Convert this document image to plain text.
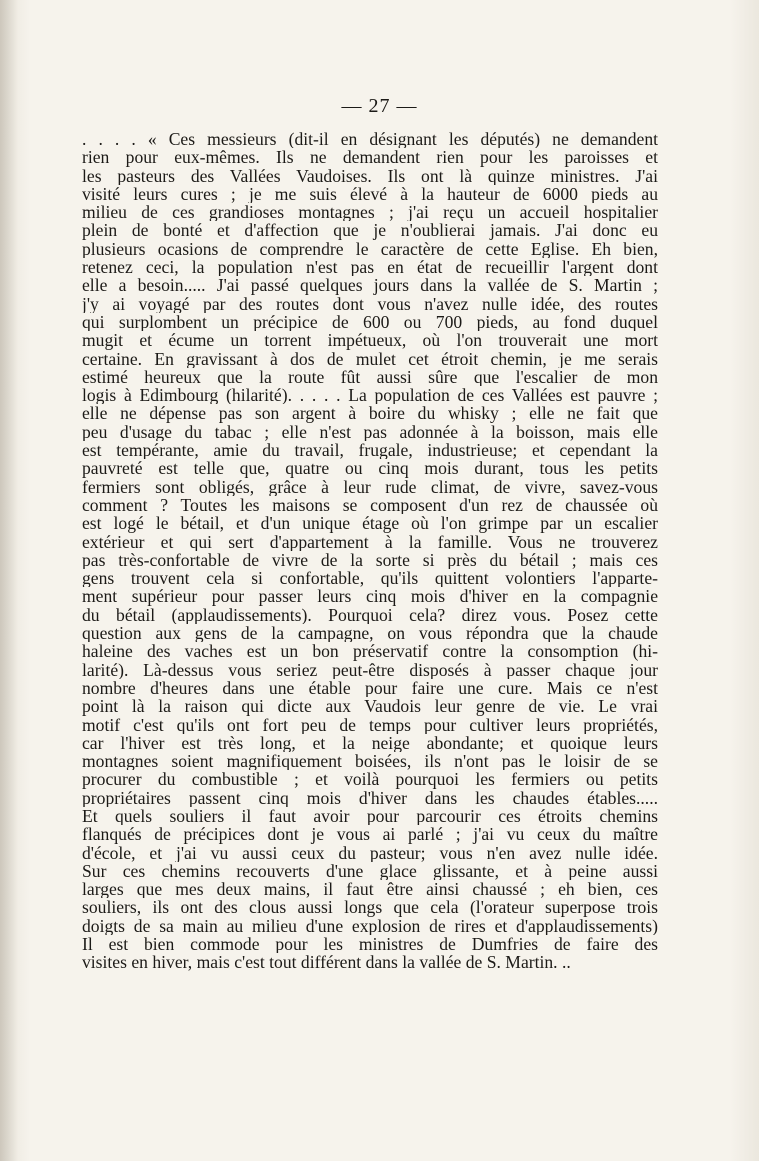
— 27 —
. . . . « Ces messieurs (dit-il en désignant les députés) ne demandent
rien pour eux-mêmes. Ils ne demandent rien pour les paroisses et
les pasteurs des Vallées Vaudoises. Ils ont là quinze ministres. J'ai
visité leurs cures ; je me suis élevé à la hauteur de 6000 pieds au
milieu de ces grandioses montagnes ; j'ai reçu un accueil hospitalier
plein de bonté et d'affection que je n'oublierai jamais. J'ai donc eu
plusieurs ocasions de comprendre le caractère de cette Eglise. Eh bien,
retenez ceci, la population n'est pas en état de recueillir l'argent dont
elle a besoin..... J'ai passé quelques jours dans la vallée de S. Martin ;
j'y ai voyagé par des routes dont vous n'avez nulle idée, des routes
qui surplombent un précipice de 600 ou 700 pieds, au fond duquel
mugit et écume un torrent impétueux, où l'on trouverait une mort
certaine. En gravissant à dos de mulet cet étroit chemin, je me serais
estimé heureux que la route fût aussi sûre que l'escalier de mon
logis à Edimbourg (hilarité). . . . . La population de ces Vallées est pauvre ;
elle ne dépense pas son argent à boire du whisky ; elle ne fait que
peu d'usage du tabac ; elle n'est pas adonnée à la boisson, mais elle
est tempérante, amie du travail, frugale, industrieuse; et cependant la
pauvreté est telle que, quatre ou cinq mois durant, tous les petits
fermiers sont obligés, grâce à leur rude climat, de vivre, savez-vous
comment ? Toutes les maisons se composent d'un rez de chaussée où
est logé le bétail, et d'un unique étage où l'on grimpe par un escalier
extérieur et qui sert d'appartement à la famille. Vous ne trouverez
pas très-confortable de vivre de la sorte si près du bétail ; mais ces
gens trouvent cela si confortable, qu'ils quittent volontiers l'apparte-
ment supérieur pour passer leurs cinq mois d'hiver en la compagnie
du bétail (applaudissements). Pourquoi cela? direz vous. Posez cette
question aux gens de la campagne, on vous répondra que la chaude
haleine des vaches est un bon préservatif contre la consomption (hi-
larité). Là-dessus vous seriez peut-être disposés à passer chaque jour
nombre d'heures dans une étable pour faire une cure. Mais ce n'est
point là la raison qui dicte aux Vaudois leur genre de vie. Le vrai
motif c'est qu'ils ont fort peu de temps pour cultiver leurs propriétés,
car l'hiver est très long, et la neige abondante; et quoique leurs
montagnes soient magnifiquement boisées, ils n'ont pas le loisir de se
procurer du combustible ; et voilà pourquoi les fermiers ou petits
propriétaires passent cinq mois d'hiver dans les chaudes étables.....
Et quels souliers il faut avoir pour parcourir ces étroits chemins
flanqués de précipices dont je vous ai parlé ; j'ai vu ceux du maître
d'école, et j'ai vu aussi ceux du pasteur; vous n'en avez nulle idée.
Sur ces chemins recouverts d'une glace glissante, et à peine aussi
larges que mes deux mains, il faut être ainsi chaussé ; eh bien, ces
souliers, ils ont des clous aussi longs que cela (l'orateur superpose trois
doigts de sa main au milieu d'une explosion de rires et d'applaudissements)
Il est bien commode pour les ministres de Dumfries de faire des
visites en hiver, mais c'est tout différent dans la vallée de S. Martin. ..
